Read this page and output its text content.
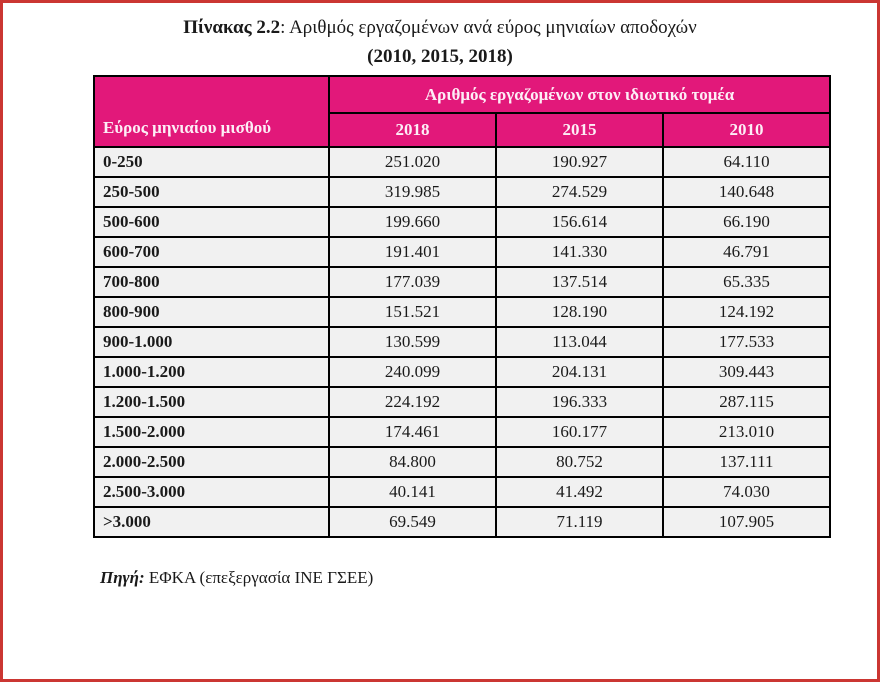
Πίνακας 2.2: Αριθμός εργαζομένων ανά εύρος μηνιαίων αποδοχών
(2010, 2015, 2018)
Εύρος μηνιαίου μισθού	Αριθμός εργαζομένων στον ιδιωτικό τομέα		
	2018	2015	2010
0-250	251.020	190.927	64.110
250-500	319.985	274.529	140.648
500-600	199.660	156.614	66.190
600-700	191.401	141.330	46.791
700-800	177.039	137.514	65.335
800-900	151.521	128.190	124.192
900-1.000	130.599	113.044	177.533
1.000-1.200	240.099	204.131	309.443
1.200-1.500	224.192	196.333	287.115
1.500-2.000	174.461	160.177	213.010
2.000-2.500	84.800	80.752	137.111
2.500-3.000	40.141	41.492	74.030
>3.000	69.549	71.119	107.905
Πηγή: ΕΦΚΑ (επεξεργασία ΙΝΕ ΓΣΕΕ)
